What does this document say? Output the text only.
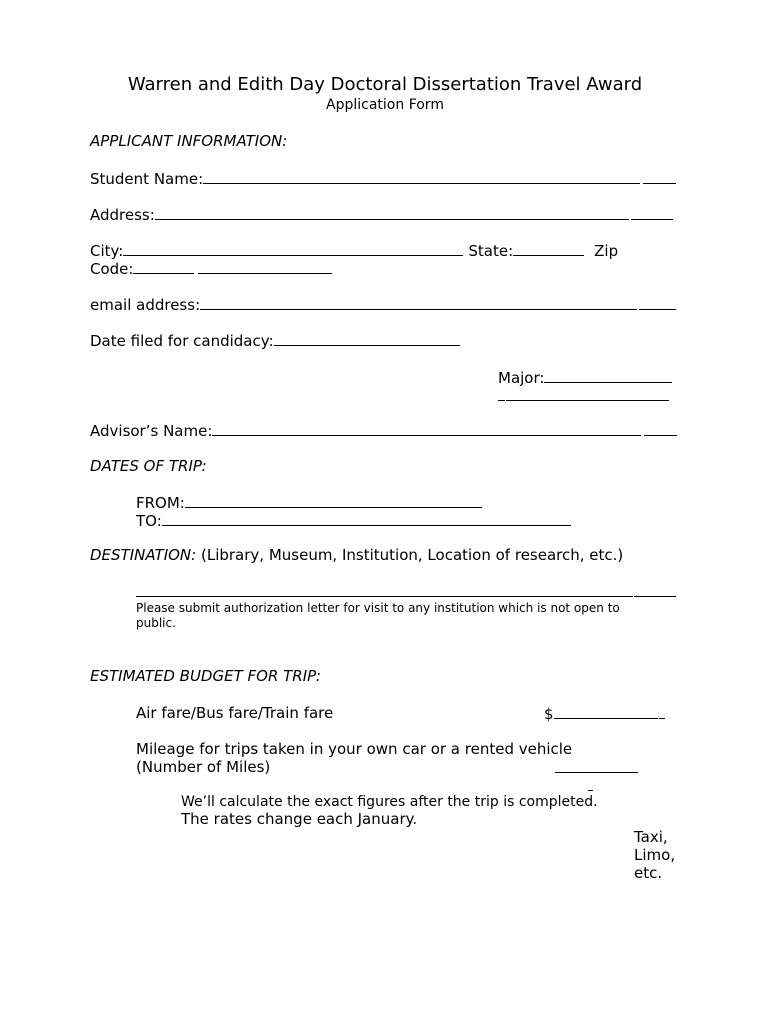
Warren and Edith Day Doctoral Dissertation Travel Award
Application Form
APPLICANT INFORMATION:
Student Name:
Address:
City:	State:	Zip
Code:
email address:
Date filed for candidacy:
Major:
Advisor’s Name:
DATES OF TRIP:
FROM:
TO:
DESTINATION: (Library, Museum, Institution, Location of research, etc.)
Please submit authorization letter for visit to any institution which is not open to
public.
ESTIMATED BUDGET FOR TRIP:
Air fare/Bus fare/Train fare	$
Mileage for trips taken in your own car or a rented vehicle
(Number of Miles)
We’ll calculate the exact figures after the trip is completed.
The rates change each January.
Taxi,
Limo,
etc.
